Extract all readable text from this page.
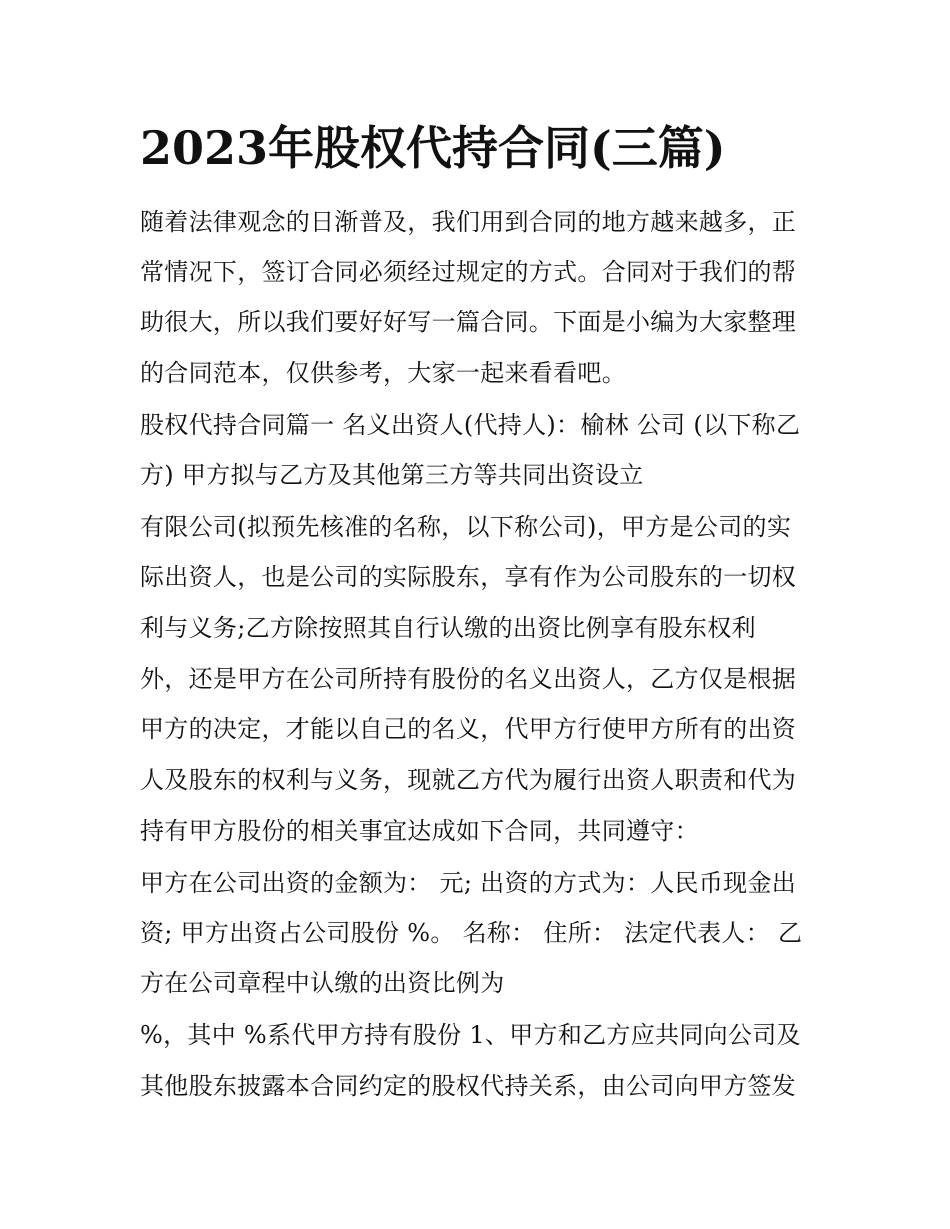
2023年股权代持合同(三篇)
随着法律观念的日渐普及，我们用到合同的地方越来越多，正
常情况下，签订合同必须经过规定的方式。合同对于我们的帮
助很大，所以我们要好好写一篇合同。下面是小编为大家整理
的合同范本，仅供参考，大家一起来看看吧。
股权代持合同篇一 名义出资人(代持人)：榆林 公司 (以下称乙
方) 甲方拟与乙方及其他第三方等共同出资设立
有限公司(拟预先核准的名称，以下称公司)，甲方是公司的实
际出资人，也是公司的实际股东，享有作为公司股东的一切权
利与义务;乙方除按照其自行认缴的出资比例享有股东权利
外，还是甲方在公司所持有股份的名义出资人，乙方仅是根据
甲方的决定，才能以自己的名义，代甲方行使甲方所有的出资
人及股东的权利与义务，现就乙方代为履行出资人职责和代为
持有甲方股份的相关事宜达成如下合同，共同遵守：
甲方在公司出资的金额为： 元; 出资的方式为：人民币现金出
资; 甲方出资占公司股份 %。 名称： 住所： 法定代表人： 乙
方在公司章程中认缴的出资比例为
%，其中 %系代甲方持有股份 1、甲方和乙方应共同向公司及
其他股东披露本合同约定的股权代持关系，由公司向甲方签发
